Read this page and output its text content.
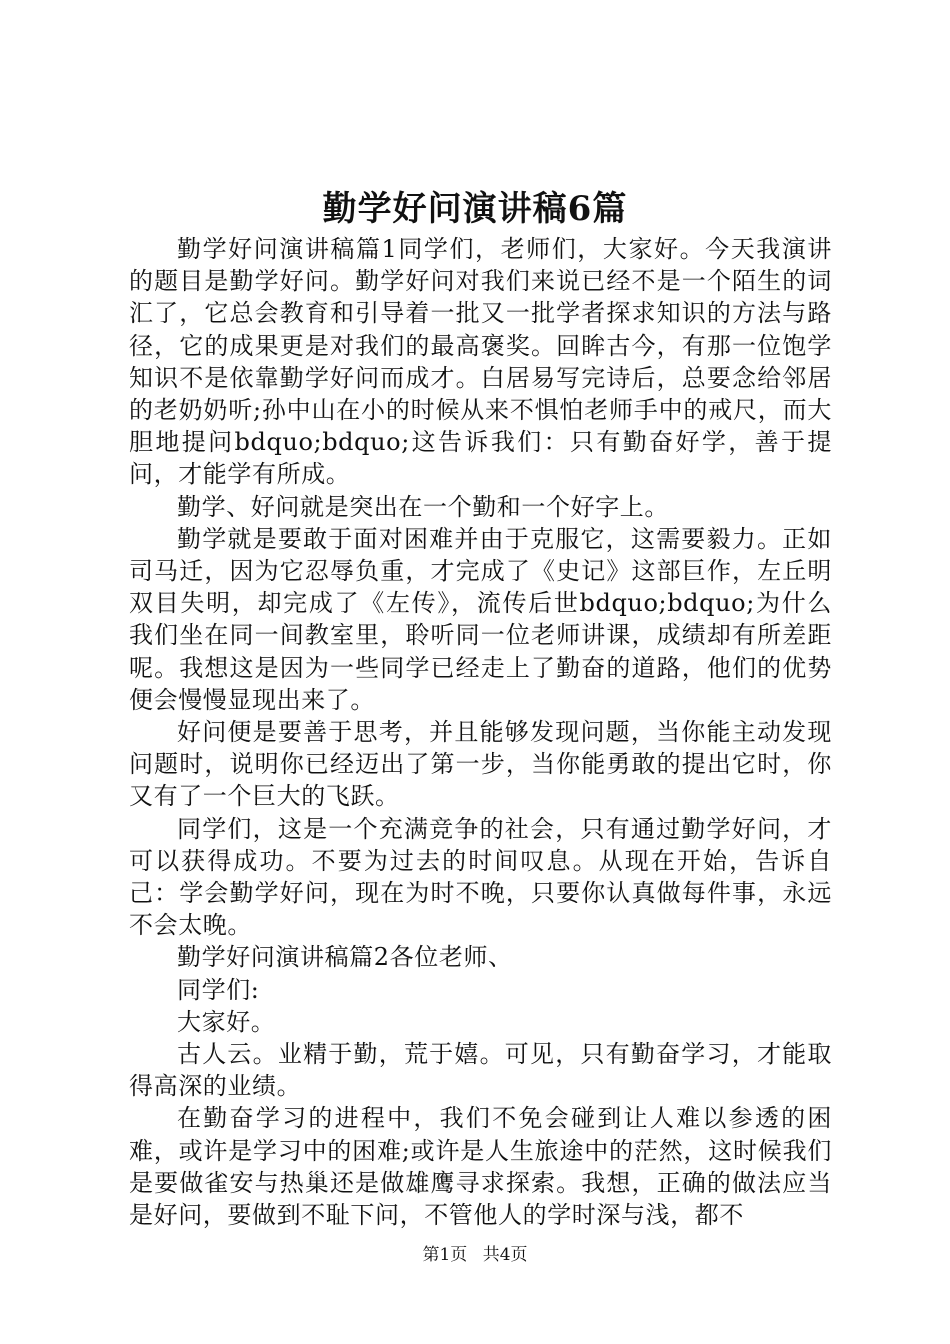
勤学好问演讲稿6篇

勤学好问演讲稿篇1同学们，老师们，大家好。今天我演讲的题目是勤学好问。勤学好问对我们来说已经不是一个陌生的词汇了，它总会教育和引导着一批又一批学者探求知识的方法与路径，它的成果更是对我们的最高褒奖。回眸古今，有那一位饱学知识不是依靠勤学好问而成才。白居易写完诗后，总要念给邻居的老奶奶听;孙中山在小的时候从来不惧怕老师手中的戒尺，而大胆地提问bdquo;bdquo;这告诉我们：只有勤奋好学，善于提问，才能学有所成。

勤学、好问就是突出在一个勤和一个好字上。

勤学就是要敢于面对困难并由于克服它，这需要毅力。正如司马迁，因为它忍辱负重，才完成了《史记》这部巨作，左丘明双目失明，却完成了《左传》，流传后世bdquo;bdquo;为什么我们坐在同一间教室里，聆听同一位老师讲课，成绩却有所差距呢。我想这是因为一些同学已经走上了勤奋的道路，他们的优势便会慢慢显现出来了。

好问便是要善于思考，并且能够发现问题，当你能主动发现问题时，说明你已经迈出了第一步，当你能勇敢的提出它时，你又有了一个巨大的飞跃。

同学们，这是一个充满竞争的社会，只有通过勤学好问，才可以获得成功。不要为过去的时间叹息。从现在开始，告诉自己：学会勤学好问，现在为时不晚，只要你认真做每件事，永远不会太晚。

勤学好问演讲稿篇2各位老师、

同学们:

大家好。

古人云。业精于勤，荒于嬉。可见，只有勤奋学习，才能取得高深的业绩。

在勤奋学习的进程中，我们不免会碰到让人难以参透的困难，或许是学习中的困难;或许是人生旅途中的茫然，这时候我们是要做雀安与热巢还是做雄鹰寻求探索。我想，正确的做法应当是好问，要做到不耻下问，不管他人的学时深与浅，都不

第1页 共4页
